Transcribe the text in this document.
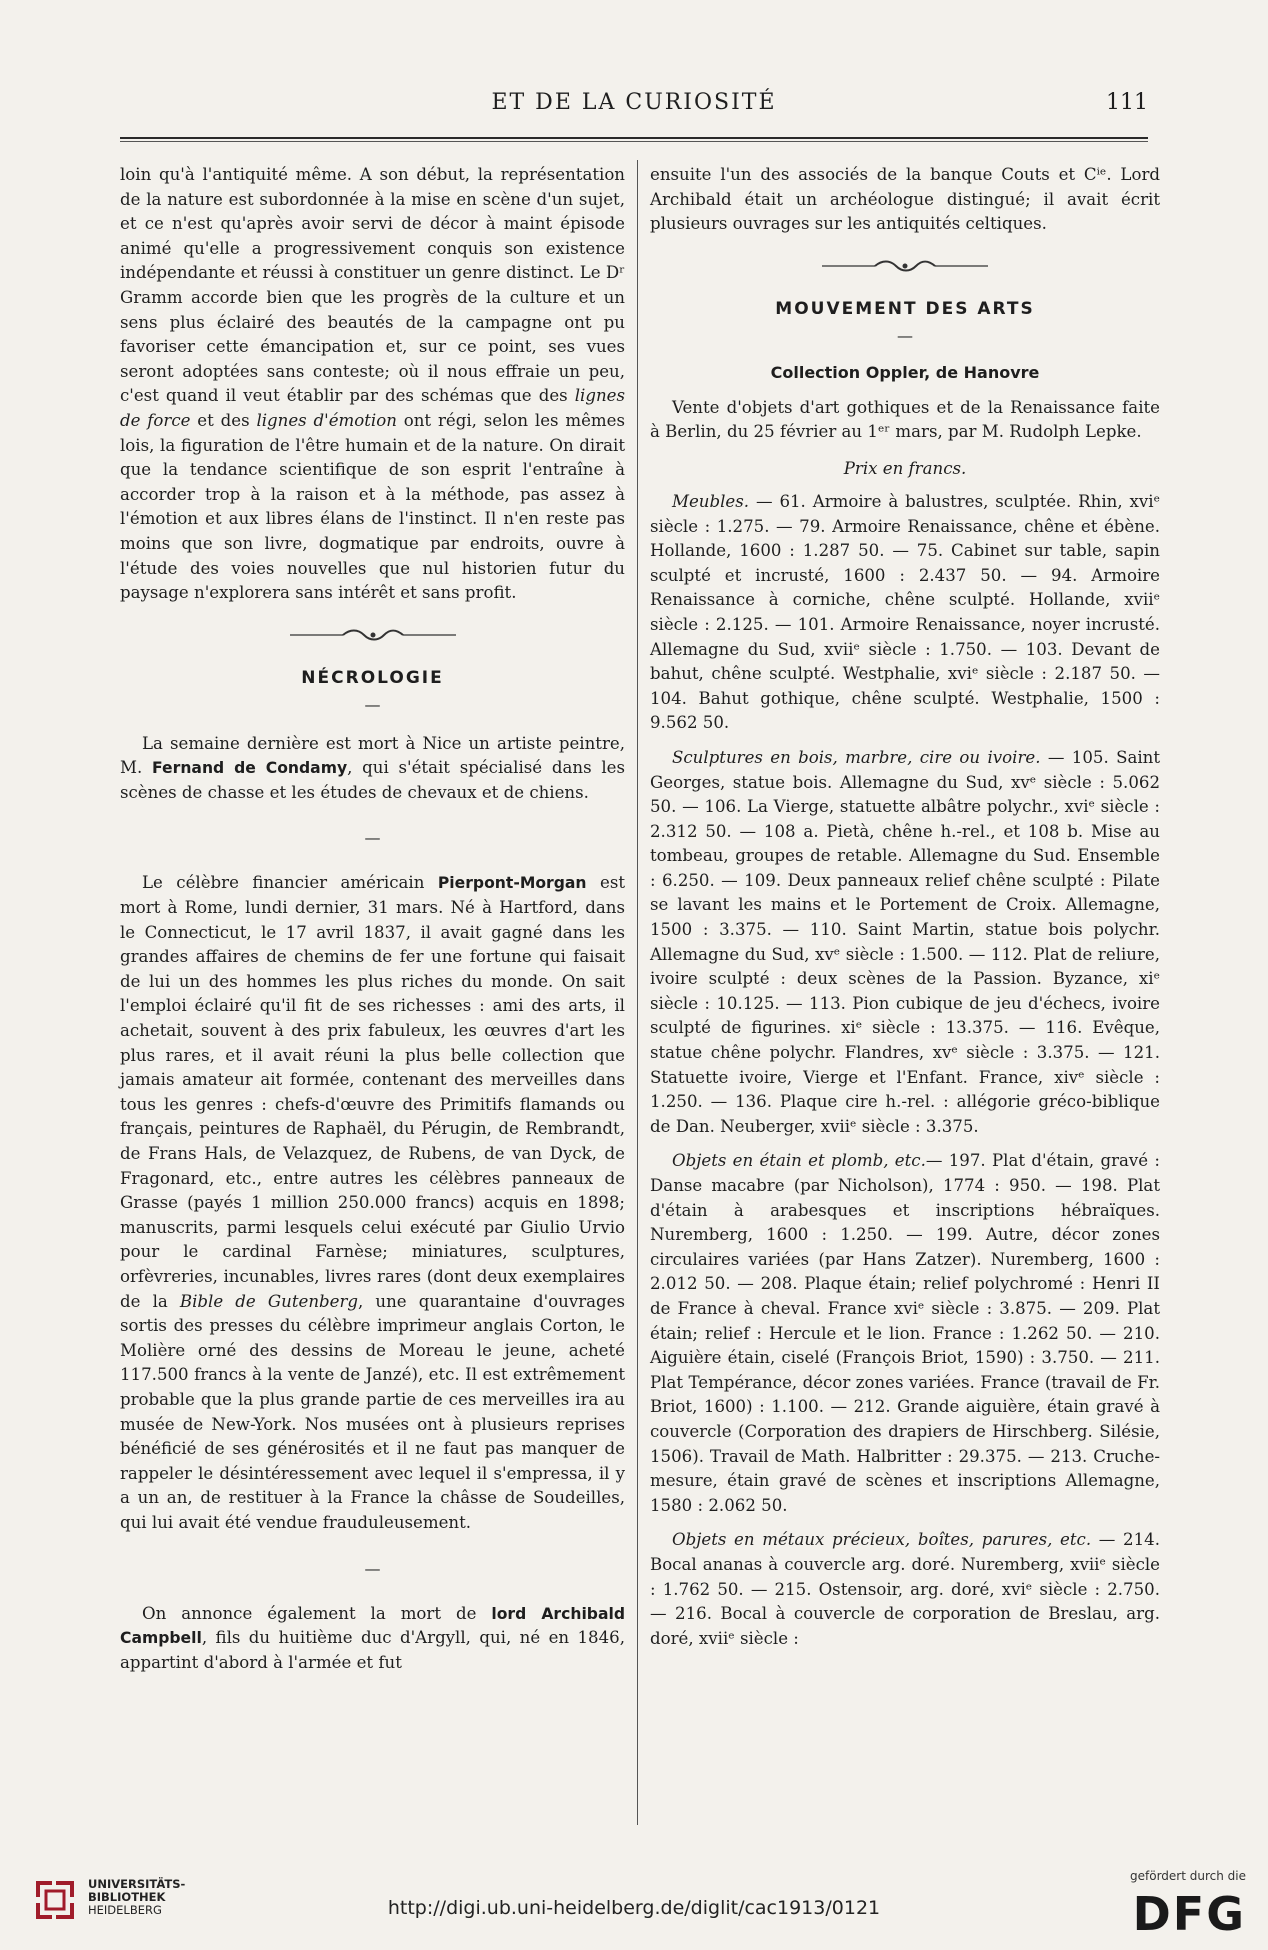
ET DE LA CURIOSITÉ	111

loin qu'à l'antiquité même. A son début, la représentation de la nature est subordonnée à la mise en scène d'un sujet, et ce n'est qu'après avoir servi de décor à maint épisode animé qu'elle a progressivement conquis son existence indépendante et réussi à constituer un genre distinct. Le Dʳ Gramm accorde bien que les progrès de la culture et un sens plus éclairé des beautés de la campagne ont pu favoriser cette émancipation et, sur ce point, ses vues seront adoptées sans conteste; où il nous effraie un peu, c'est quand il veut établir par des schémas que des lignes de force et des lignes d'émotion ont régi, selon les mêmes lois, la figuration de l'être humain et de la nature. On dirait que la tendance scientifique de son esprit l'entraîne à accorder trop à la raison et à la méthode, pas assez à l'émotion et aux libres élans de l'instinct. Il n'en reste pas moins que son livre, dogmatique par endroits, ouvre à l'étude des voies nouvelles que nul historien futur du paysage n'explorera sans intérêt et sans profit.

NÉCROLOGIE
—

La semaine dernière est mort à Nice un artiste peintre, M. Fernand de Condamy, qui s'était spécialisé dans les scènes de chasse et les études de chevaux et de chiens.

—

Le célèbre financier américain Pierpont-Morgan est mort à Rome, lundi dernier, 31 mars. Né à Hartford, dans le Connecticut, le 17 avril 1837, il avait gagné dans les grandes affaires de chemins de fer une fortune qui faisait de lui un des hommes les plus riches du monde. On sait l'emploi éclairé qu'il fit de ses richesses : ami des arts, il achetait, souvent à des prix fabuleux, les œuvres d'art les plus rares, et il avait réuni la plus belle collection que jamais amateur ait formée, contenant des merveilles dans tous les genres : chefs-d'œuvre des Primitifs flamands ou français, peintures de Raphaël, du Pérugin, de Rembrandt, de Frans Hals, de Velazquez, de Rubens, de van Dyck, de Fragonard, etc., entre autres les célèbres panneaux de Grasse (payés 1 million 250.000 francs) acquis en 1898; manuscrits, parmi lesquels celui exécuté par Giulio Urvio pour le cardinal Farnèse; miniatures, sculptures, orfèvreries, incunables, livres rares (dont deux exemplaires de la Bible de Gutenberg, une quarantaine d'ouvrages sortis des presses du célèbre imprimeur anglais Corton, le Molière orné des dessins de Moreau le jeune, acheté 117.500 francs à la vente de Janzé), etc. Il est extrêmement probable que la plus grande partie de ces merveilles ira au musée de New-York. Nos musées ont à plusieurs reprises bénéficié de ses générosités et il ne faut pas manquer de rappeler le désintéressement avec lequel il s'empressa, il y a un an, de restituer à la France la châsse de Soudeilles, qui lui avait été vendue frauduleusement.

—

On annonce également la mort de lord Archibald Campbell, fils du huitième duc d'Argyll, qui, né en 1846, appartint d'abord à l'armée et fut

ensuite l'un des associés de la banque Couts et Cⁱᵉ. Lord Archibald était un archéologue distingué; il avait écrit plusieurs ouvrages sur les antiquités celtiques.

MOUVEMENT DES ARTS
—
Collection Oppler, de Hanovre

Vente d'objets d'art gothiques et de la Renaissance faite à Berlin, du 25 février au 1ᵉʳ mars, par M. Rudolph Lepke.

Prix en francs.

Meubles. — 61. Armoire à balustres, sculptée. Rhin, xviᵉ siècle : 1.275. — 79. Armoire Renaissance, chêne et ébène. Hollande, 1600 : 1.287 50. — 75. Cabinet sur table, sapin sculpté et incrusté, 1600 : 2.437 50. — 94. Armoire Renaissance à corniche, chêne sculpté. Hollande, xviiᵉ siècle : 2.125. — 101. Armoire Renaissance, noyer incrusté. Allemagne du Sud, xviiᵉ siècle : 1.750. — 103. Devant de bahut, chêne sculpté. Westphalie, xviᵉ siècle : 2.187 50. — 104. Bahut gothique, chêne sculpté. Westphalie, 1500 : 9.562 50.

Sculptures en bois, marbre, cire ou ivoire. — 105. Saint Georges, statue bois. Allemagne du Sud, xvᵉ siècle : 5.062 50. — 106. La Vierge, statuette albâtre polychr., xviᵉ siècle : 2.312 50. — 108 a. Pietà, chêne h.-rel., et 108 b. Mise au tombeau, groupes de retable. Allemagne du Sud. Ensemble : 6.250. — 109. Deux panneaux relief chêne sculpté : Pilate se lavant les mains et le Portement de Croix. Allemagne, 1500 : 3.375. — 110. Saint Martin, statue bois polychr. Allemagne du Sud, xvᵉ siècle : 1.500. — 112. Plat de reliure, ivoire sculpté : deux scènes de la Passion. Byzance, xiᵉ siècle : 10.125. — 113. Pion cubique de jeu d'échecs, ivoire sculpté de figurines. xiᵉ siècle : 13.375. — 116. Evêque, statue chêne polychr. Flandres, xvᵉ siècle : 3.375. — 121. Statuette ivoire, Vierge et l'Enfant. France, xivᵉ siècle : 1.250. — 136. Plaque cire h.-rel. : allégorie gréco-biblique de Dan. Neuberger, xviiᵉ siècle : 3.375.

Objets en étain et plomb, etc.— 197. Plat d'étain, gravé : Danse macabre (par Nicholson), 1774 : 950. — 198. Plat d'étain à arabesques et inscriptions hébraïques. Nuremberg, 1600 : 1.250. — 199. Autre, décor zones circulaires variées (par Hans Zatzer). Nuremberg, 1600 : 2.012 50. — 208. Plaque étain; relief polychromé : Henri II de France à cheval. France xviᵉ siècle : 3.875. — 209. Plat étain; relief : Hercule et le lion. France : 1.262 50. — 210. Aiguière étain, ciselé (François Briot, 1590) : 3.750. — 211. Plat Tempérance, décor zones variées. France (travail de Fr. Briot, 1600) : 1.100. — 212. Grande aiguière, étain gravé à couvercle (Corporation des drapiers de Hirschberg. Silésie, 1506). Travail de Math. Halbritter : 29.375. — 213. Cruche-mesure, étain gravé de scènes et inscriptions Allemagne, 1580 : 2.062 50.

Objets en métaux précieux, boîtes, parures, etc. — 214. Bocal ananas à couvercle arg. doré. Nuremberg, xviiᵉ siècle : 1.762 50. — 215. Ostensoir, arg. doré, xviᵉ siècle : 2.750. — 216. Bocal à couvercle de corporation de Breslau, arg. doré, xviiᵉ siècle :

UNIVERSITÄTS-
BIBLIOTHEK
HEIDELBERG	http://digi.ub.uni-heidelberg.de/diglit/cac1913/0121
gefördert durch die
DFG
